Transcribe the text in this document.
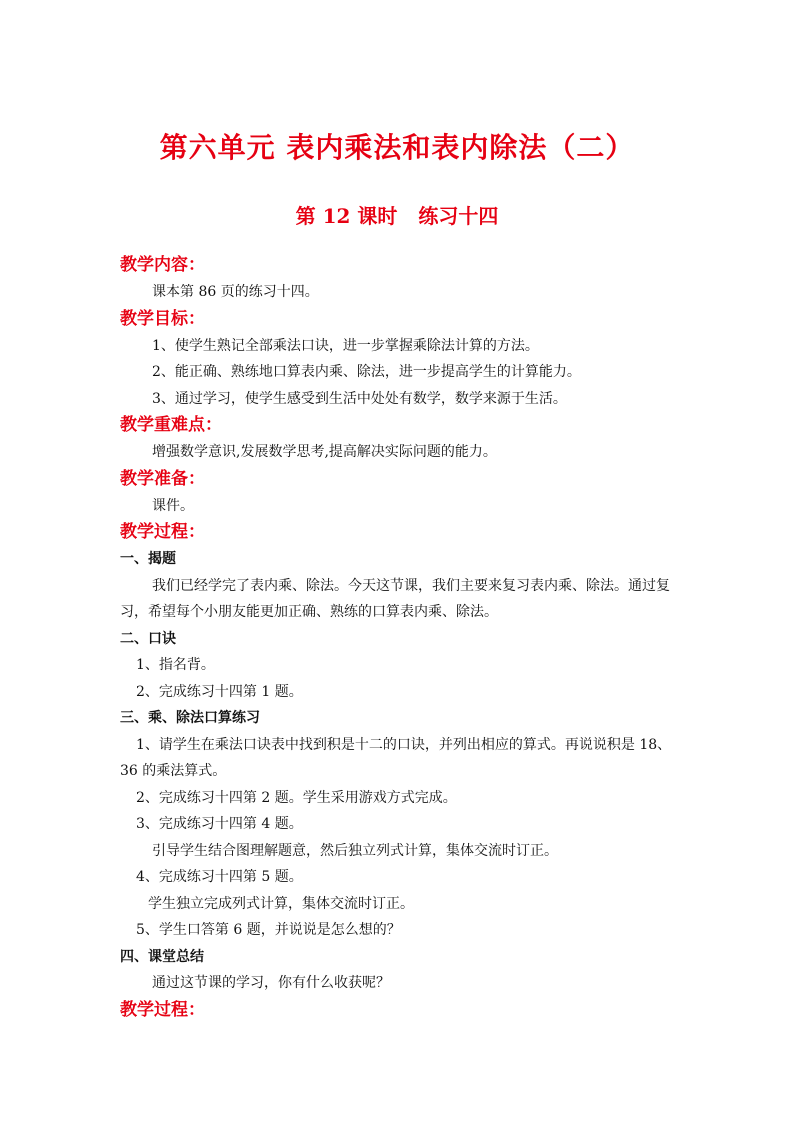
第六单元 表内乘法和表内除法（二）
第 12 课时   练习十四
教学内容：

课本第 86 页的练习十四。

教学目标：

1、使学生熟记全部乘法口诀，进一步掌握乘除法计算的方法。

2、能正确、熟练地口算表内乘、除法，进一步提高学生的计算能力。

3、通过学习，使学生感受到生活中处处有数学，数学来源于生活。

教学重难点：

增强数学意识,发展数学思考,提高解决实际问题的能力。

教学准备：

课件。

教学过程：
一、揭题

我们已经学完了表内乘、除法。今天这节课，我们主要来复习表内乘、除法。通过复习，希望每个小朋友能更加正确、熟练的口算表内乘、除法。

二、口诀

1、指名背。

2、完成练习十四第 1 题。

三、乘、除法口算练习

1、请学生在乘法口诀表中找到积是十二的口诀，并列出相应的算式。再说说积是 18、36 的乘法算式。

2、完成练习十四第 2 题。学生采用游戏方式完成。

3、完成练习十四第 4 题。

引导学生结合图理解题意，然后独立列式计算，集体交流时订正。

4、完成练习十四第 5 题。

学生独立完成列式计算，集体交流时订正。

5、学生口答第 6 题，并说说是怎么想的？

四、课堂总结

通过这节课的学习，你有什么收获呢？

教学过程：
